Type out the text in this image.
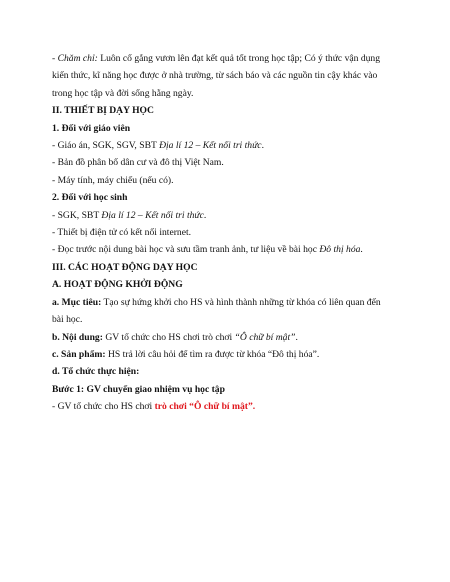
- Chăm chỉ: Luôn cố gắng vươn lên đạt kết quả tốt trong học tập; Có ý thức vận dụng
kiến thức, kĩ năng học được ở nhà trường, từ sách báo và các nguồn tin cậy khác vào
trong học tập và đời sống hằng ngày.
II. THIẾT BỊ DẠY HỌC
1. Đối với giáo viên
- Giáo án, SGK, SGV, SBT Địa lí 12 – Kết nối tri thức.
- Bản đồ phân bố dân cư và đô thị Việt Nam.
- Máy tính, máy chiếu (nếu có).
2. Đối với học sinh
- SGK, SBT Địa lí 12 – Kết nối tri thức.
- Thiết bị điện tử có kết nối internet.
- Đọc trước nội dung bài học và sưu tầm tranh ảnh, tư liệu về bài học Đô thị hóa.
III. CÁC HOẠT ĐỘNG DẠY HỌC
A. HOẠT ĐỘNG KHỞI ĐỘNG
a. Mục tiêu: Tạo sự hứng khởi cho HS và hình thành những từ khóa có liên quan đến
bài học.
b. Nội dung: GV tổ chức cho HS chơi trò chơi “Ô chữ bí mật”.
c. Sản phẩm: HS trả lời câu hỏi để tìm ra được từ khóa “Đô thị hóa”.
d. Tổ chức thực hiện:
Bước 1: GV chuyển giao nhiệm vụ học tập
- GV tổ chức cho HS chơi trò chơi “Ô chữ bí mật”.
